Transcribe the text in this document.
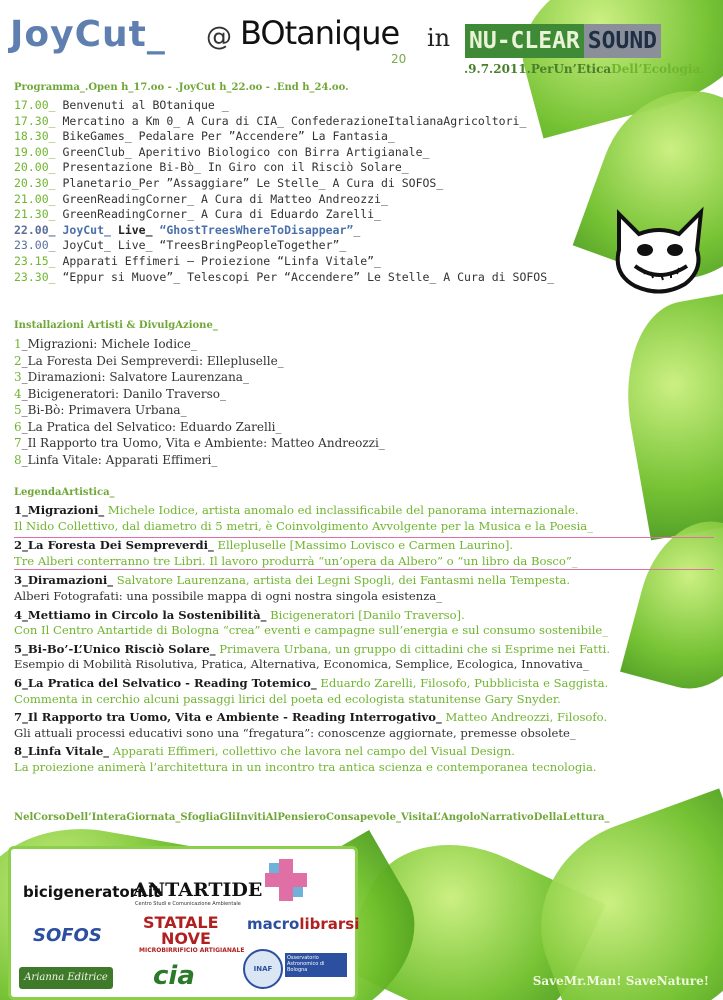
JoyCut_ @ BOtanique
20
in NU-CLEAR SOUND
.9.7.2011.PerUn’EticaDell’Ecologia.
Programma_.Open h_17.oo - .JoyCut h_22.oo - .End h_24.oo.
17.00_ Benvenuti al BOtanique _
17.30_ Mercatino a Km 0_ A Cura di CIA_ ConfederazioneItalianaAgricoltori_
18.30_ BikeGames_ Pedalare Per ”Accendere” La Fantasia_
19.00_ GreenClub_ Aperitivo Biologico con Birra Artigianale_
20.00_ Presentazione Bi-Bò_ In Giro con il Risciò Solare_
20.30_ Planetario_Per ”Assaggiare” Le Stelle_ A Cura di SOFOS_
21.00_ GreenReadingCorner_ A Cura di Matteo Andreozzi_
21.30_ GreenReadingCorner_ A Cura di Eduardo Zarelli_
22.00_ JoyCut_ Live_ “GhostTreesWhereToDisappear”_
23.00_ JoyCut_ Live_ “TreesBringPeopleTogether”_
23.15_ Apparati Effimeri – Proiezione “Linfa Vitale”_
23.30_ “Eppur si Muove”_ Telescopi Per “Accendere” Le Stelle_ A Cura di SOFOS_
Installazioni Artisti & DivulgAzione_
1_Migrazioni: Michele Iodice_
2_La Foresta Dei Sempreverdi: Ellepluselle_
3_Diramazioni: Salvatore Laurenzana_
4_Bicigeneratori: Danilo Traverso_
5_Bi-Bò: Primavera Urbana_
6_La Pratica del Selvatico: Eduardo Zarelli_
7_Il Rapporto tra Uomo, Vita e Ambiente: Matteo Andreozzi_
8_Linfa Vitale: Apparati Effimeri_
LegendaArtistica_
1_Migrazioni_ Michele Iodice, artista anomalo ed inclassificabile del panorama internazionale.
Il Nido Collettivo, dal diametro di 5 metri, è Coinvolgimento Avvolgente per la Musica e la Poesia_
2_La Foresta Dei Sempreverdi_ Ellepluselle [Massimo Lovisco e Carmen Laurino].
Tre Alberi conterranno tre Libri. Il lavoro produrrà “un’opera da Albero” o “un libro da Bosco”_
3_Diramazioni_ Salvatore Laurenzana, artista dei Legni Spogli, dei Fantasmi nella Tempesta.
Alberi Fotografati: una possibile mappa di ogni nostra singola esistenza_
4_Mettiamo in Circolo la Sostenibilità_ Bicigeneratori [Danilo Traverso].
Con Il Centro Antartide di Bologna “crea” eventi e campagne sull’energia e sul consumo sostenibile_
5_Bi-Bo’-L’Unico Risciò Solare_ Primavera Urbana, un gruppo di cittadini che si Esprime nei Fatti.
Esempio di Mobilità Risolutiva, Pratica, Alternativa, Economica, Semplice, Ecologica, Innovativa_
6_La Pratica del Selvatico - Reading Totemico_ Eduardo Zarelli, Filosofo, Pubblicista e Saggista.
Commenta in cerchio alcuni passaggi lirici del poeta ed ecologista statunitense Gary Snyder.
7_Il Rapporto tra Uomo, Vita e Ambiente - Reading Interrogativo_ Matteo Andreozzi, Filosofo.
Gli attuali processi educativi sono una “fregatura”: conoscenze aggiornate, premesse obsolete_
8_Linfa Vitale_ Apparati Effimeri, collettivo che lavora nel campo del Visual Design.
La proiezione animerà l’architettura in un incontro tra antica scienza e contemporanea tecnologia.
NelCorsoDell’InteraGiornata_SfogliaGliInvitiAlPensieroConsapevole_VisitaL’AngoloNarrativoDellaLettura_
bicigeneratori.it
ANTARTIDE
Centro Studi e Comunicazione Ambientale
SOFOS
STATALE
NOVE
MICROBIRRIFICIO ARTIGIANALE
macrolibrarsi
Arianna Editrice cia	INAF
Osservatorio Astronomico di Bologna
SaveMr.Man! SaveNature!
